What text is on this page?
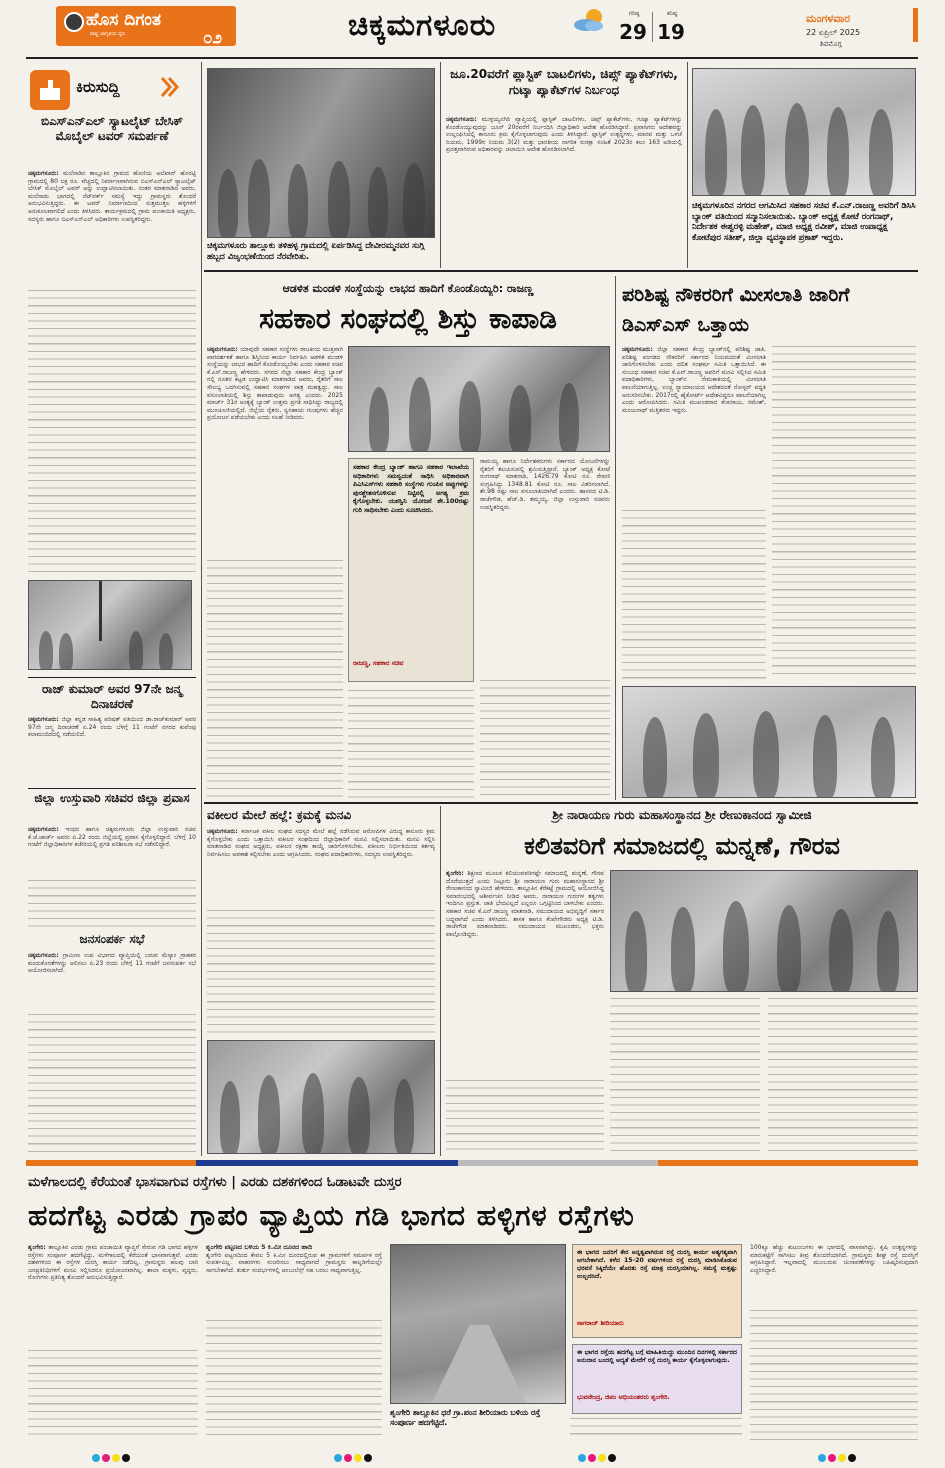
ಹೊಸ ದಿಗಂತ
ರಾಷ್ಟ್ರ ಜಾಗೃತಿಯ ಧ್ವನಿ	೦೨	ಚಿಕ್ಕಮಗಳೂರು	ಗರಿಷ್ಠ
29
ಕನಿಷ್ಠ
19
ಮಂಗಳವಾರ
22 ಏಪ್ರಿಲ್ 2025
ಶಿವಮೊಗ್ಗ
ಕಿರುಸುದ್ದಿ
ಬಿಎಸ್ಎನ್ಎಲ್ ಸ್ಯಾಟಲೈಟ್ ಬೇಸಿಕ್ ಮೊಬೈಲ್ ಟವರ್ ಸಮರ್ಪಣೆ
ಚಿಕ್ಕಮಗಳೂರು: ಮಲೆನಾಡಿನ ತಾಲ್ಲೂಕಿನ ಗ್ರಾಮದ ಹೊಣಿಯ ಅಲೆಖಾನ್ ಹೊರಟ್ಟಿ ಗ್ರಾಮದಲ್ಲಿ 80 ಲಕ್ಷ ರೂ. ವೆಚ್ಚದಲ್ಲಿ ನಿರ್ಮಾಣವಾಗಿರುವ ಬಿಎಸ್ಎನ್ಎಲ್ ಸ್ಯಾಟಲೈಟ್ ಬೇಸಿಕ್ ಮೊಬೈಲ್ ಟವರ್ ಅನ್ನು ಉದ್ಘಾಟಿಸಲಾಯಿತು. ನಂತರ ಮಾತನಾಡಿದ ಅವರು, ಮಲೆನಾಡು ಭಾಗದಲ್ಲಿ ನೆಟ್‌ವರ್ಕ್ ಸಮಸ್ಯೆ ಇದ್ದು ಗ್ರಾಮಸ್ಥರು ತೊಂದರೆ ಅನುಭವಿಸುತ್ತಿದ್ದರು. ಈ ಟವರ್ ನಿರ್ಮಾಣದಿಂದ ಸುತ್ತಮುತ್ತಲ ಹಳ್ಳಿಗಳಿಗೆ ಅನುಕೂಲವಾಗಲಿದೆ ಎಂದು ತಿಳಿಸಿದರು. ಕಾರ್ಯಕ್ರಮದಲ್ಲಿ ಗ್ರಾಮ ಪಂಚಾಯಿತಿ ಅಧ್ಯಕ್ಷರು, ಸದಸ್ಯರು ಹಾಗೂ ಬಿಎಸ್ಎನ್ಎಲ್ ಅಧಿಕಾರಿಗಳು ಉಪಸ್ಥಿತರಿದ್ದರು.
ರಾಜ್ ಕುಮಾರ್ ಅವರ 97ನೇ ಜನ್ಮ ದಿನಾಚರಣೆ
ಚಿಕ್ಕಮಗಳೂರು: ಜಿಲ್ಲಾ ಕನ್ನಡ ಸಾಹಿತ್ಯ ಪರಿಷತ್ ವತಿಯಿಂದ ಡಾ.ರಾಜ್‌ಕುಮಾರ್ ಅವರ 97ನೇ ಜನ್ಮ ದಿನಾಚರಣೆ ಏ.24 ರಂದು ಬೆಳಿಗ್ಗೆ 11 ಗಂಟೆಗೆ ನಗರದ ಕುವೆಂಪು ಕಲಾಮಂದಿರದಲ್ಲಿ ನಡೆಯಲಿದೆ.
ಜಿಲ್ಲಾ ಉಸ್ತುವಾರಿ ಸಚಿವರ ಜಿಲ್ಲಾ ಪ್ರವಾಸ
ಚಿಕ್ಕಮಗಳೂರು: ಇಂಧನ ಹಾಗೂ ಚಿಕ್ಕಮಗಳೂರು ಜಿಲ್ಲಾ ಉಸ್ತುವಾರಿ ಸಚಿವ ಕೆ.ಜೆ.ಜಾರ್ಜ್ ಅವರು ಏ.22 ರಂದು ಜಿಲ್ಲೆಯಲ್ಲಿ ಪ್ರವಾಸ ಕೈಗೊಳ್ಳಲಿದ್ದಾರೆ. ಬೆಳಿಗ್ಗೆ 10 ಗಂಟೆಗೆ ಜಿಲ್ಲಾಧಿಕಾರಿಗಳ ಕಚೇರಿಯಲ್ಲಿ ಪ್ರಗತಿ ಪರಿಶೀಲನಾ ಸಭೆ ನಡೆಸಲಿದ್ದಾರೆ.
ಜನಸಂಪರ್ಕ ಸಭೆ
ಚಿಕ್ಕಮಗಳೂರು: ಗ್ರಾಮೀಣ ಉಪ ವಿಭಾಗದ ವ್ಯಾಪ್ತಿಯಲ್ಲಿ ಬರುವ ಮೆಸ್ಕಾಂ ಗ್ರಾಹಕರ ಕುಂದುಕೊರತೆಗಳನ್ನು ಆಲಿಸಲು ಏ.23 ರಂದು ಬೆಳಿಗ್ಗೆ 11 ಗಂಟೆಗೆ ಜನಸಂಪರ್ಕ ಸಭೆ ಆಯೋಜಿಸಲಾಗಿದೆ.
ಚಿಕ್ಕಮಗಳೂರು ತಾಲ್ಲೂಕು ತಳಿಹಳ್ಳ ಗ್ರಾಮದಲ್ಲಿ ಏರ್ಪಡಿಸಿದ್ದ ದೇವೀರಮ್ಮನವರ ಸುಗ್ಗಿ ಹಬ್ಬದ ವಿಜೃಂಭಣೆಯಿಂದ ನೆರವೇರಿತು.
ಜೂ.20ವರೆಗೆ ಪ್ಲಾಸ್ಟಿಕ್ ಬಾಟಲಿಗಳು, ಚಿಪ್ಸ್ ಪ್ಯಾಕೆಟ್‌ಗಳು, ಗುಟ್ಕಾ ಪ್ಯಾಕೆಟ್‌ಗಳ ನಿರ್ಬಂಧ
ಚಿಕ್ಕಮಗಳೂರು: ಮುಳ್ಳಯ್ಯನಗಿರಿ ವ್ಯಾಪ್ತಿಯಲ್ಲಿ ಪ್ಲಾಸ್ಟಿಕ್ ಬಾಟಲಿಗಳು, ಚಿಪ್ಸ್ ಪ್ಯಾಕೆಟ್‌ಗಳು, ಗುಟ್ಕಾ ಪ್ಯಾಕೆಟ್‌ಗಳನ್ನು ಕೊಂಡೊಯ್ಯುವುದನ್ನು ಜೂನ್ 20ರವರೆಗೆ ನಿರ್ಬಂಧಿಸಿ ಜಿಲ್ಲಾಧಿಕಾರಿ ಆದೇಶ ಹೊರಡಿಸಿದ್ದಾರೆ. ಪ್ರವಾಸಿಗರು ಆದೇಶವನ್ನು ಉಲ್ಲಂಘಿಸಿದಲ್ಲಿ ಕಾನೂನು ಕ್ರಮ ಕೈಗೊಳ್ಳಲಾಗುವುದು ಎಂದು ತಿಳಿಸಿದ್ದಾರೆ. ಪ್ಲಾಸ್ಟಿಕ್ ಉತ್ಪನ್ನಗಳು, ಮಾನವ ಮತ್ತು ಒಳಚೆ ನಿಯಮ, 1999ರ ನಿಯಮ 3(2) ಮತ್ತು ಭಾರತೀಯ ನಾಗರಿಕ ಸುರಕ್ಷಾ ಸಂಹಿತೆ 2023ರ ಕಲಂ 163 ಅಡಿಯಲ್ಲಿ ಪ್ರದತ್ತವಾಗಿರುವ ಅಧಿಕಾರವನ್ನು ಚಲಾಯಿಸಿ ಆದೇಶ ಹೊರಡಿಸಲಾಗಿದೆ.
ಚಿಕ್ಕಮಗಳೂರಿನ ನಗರದ ಆಗಮಿಸಿದ ಸಹಕಾರ ಸಚಿವ ಕೆ.ಎನ್.ರಾಜಣ್ಣ ಅವರಿಗೆ ಡಿಸಿಸಿ ಬ್ಯಾಂಕ್ ವತಿಯಿಂದ ಸನ್ಮಾನಿಸಲಾಯಿತು. ಬ್ಯಾಂಕ್ ಅಧ್ಯಕ್ಷ ಕೋಟೆ ರಂಗನಾಥ್, ನಿರ್ದೇಶಕ ಈಶ್ವರಳ್ಳಿ ಮಹೇಶ್, ಮಾಜಿ ಅಧ್ಯಕ್ಷ ರವೀಶ್, ಮಾಜಿ ಉಪಾಧ್ಯಕ್ಷ ಕೋಟೆಪುರ ಸತೀಶ್, ಜಿಲ್ಲಾ ವ್ಯವಸ್ಥಾಪಕ ಪ್ರಕಾಶ್ ಇದ್ದರು.
ಆಡಳಿತ ಮಂಡಳಿ ಸಂಸ್ಥೆಯನ್ನು ಲಾಭದ ಹಾದಿಗೆ ಕೊಂಡೊಯ್ಯಿರಿ: ರಾಜಣ್ಣ
ಸಹಕಾರ ಸಂಘದಲ್ಲಿ ಶಿಸ್ತು ಕಾಪಾಡಿ
ಚಿಕ್ಕಮಗಳೂರು: ಯಾವುದೇ ಸಹಕಾರ ಸಂಸ್ಥೆಗಳು ರಾಜಕೀಯ ಮುಕ್ತವಾಗಿ ಪಾರದರ್ಶಕತೆ ಹಾಗೂ ಶಿಸ್ತಿನಿಂದ ಕಾರ್ಯ ನಿರ್ವಹಿಸಿ ಆಡಳಿತ ಮಂಡಳಿ ಸಂಸ್ಥೆಯನ್ನು ಲಾಭದ ಹಾದಿಗೆ ಕೊಂಡೊಯ್ಯಬೇಕು ಎಂದು ಸಹಕಾರ ಸಚಿವ ಕೆ.ಎನ್.ರಾಜಣ್ಣ ಹೇಳಿದರು. ನಗರದ ಜಿಲ್ಲಾ ಸಹಕಾರ ಕೇಂದ್ರ ಬ್ಯಾಂಕ್ ನಲ್ಲಿ ನೂತನ ಕಟ್ಟಡ ಉದ್ಘಾಟಿಸಿ ಮಾತನಾಡಿದ ಅವರು, ರೈತರಿಗೆ ಸಾಲ ಸೌಲಭ್ಯ ಒದಗಿಸುವಲ್ಲಿ ಸಹಕಾರ ಸಂಘಗಳ ಪಾತ್ರ ಮಹತ್ವದ್ದು. ಸಾಲ ವಸೂಲಾತಿಯಲ್ಲಿ ಶಿಸ್ತು ಕಾಪಾಡುವುದು ಅಗತ್ಯ ಎಂದರು. 2025 ಮಾರ್ಚ್ 31ರ ಅಂತ್ಯಕ್ಕೆ ಬ್ಯಾಂಕ್ ಉತ್ತಮ ಪ್ರಗತಿ ಸಾಧಿಸಿದ್ದು ರಾಜ್ಯದಲ್ಲಿ ಮುಂಚೂಣಿಯಲ್ಲಿದೆ. ಜಿಲ್ಲೆಯ ರೈತರು, ಸ್ವಸಹಾಯ ಗುಂಪುಗಳು ಹೆಚ್ಚಿನ ಪ್ರಯೋಜನ ಪಡೆಯಬೇಕು ಎಂದು ಸಲಹೆ ನೀಡಿದರು.
ಸಹಕಾರ ಕೇಂದ್ರ ಬ್ಯಾಂಕ್ ಹಾಗೂ ಸಹಕಾರ ಇಲಾಖೆಯ ಅಧಿಕಾರಿಗಳು ಸಮನ್ವಯತೆ ಸಾಧಿಸಿ ಅಧಿಕಾರವಾಗಿ ಪಿಎಸಿಎಸ್‌ಗಳು ಸಹಕಾರಿ ಸಂಸ್ಥೆಗಳು ಗುಂಪಿನ ಅಪ್ಪುಗಳನ್ನು ಪುನಶ್ಚೇತನಗೊಳಿಸುವ ನಿಟ್ಟಿನಲ್ಲಿ ಅಗತ್ಯ ಕ್ರಮ ಕೈಗೊಳ್ಳಬೇಕು. ಯಶಸ್ವಿನಿ ಯೋಜನೆ ಶೇ.100ರಷ್ಟು ಗುರಿ ಸಾಧಿಸಬೇಕು ಎಂದು ಸೂಚಿಸಿದರು.
ರಾಜಣ್ಣ, ಸಹಕಾರ ಸಚಿವ
ರಾಮಯ್ಯ ಹಾಗೂ ನಿರ್ದೇಶಕರುಗಳು ಸರ್ಕಾರದ ಯೋಜನೆಗಳನ್ನು ರೈತರಿಗೆ ತಲುಪಿಸುವಲ್ಲಿ ಶ್ರಮಿಸುತ್ತಿದ್ದಾರೆ. ಬ್ಯಾಂಕ್ ಅಧ್ಯಕ್ಷ ಕೋಟೆ ರಂಗನಾಥ್ ಮಾತನಾಡಿ, 1426.79 ಕೋಟಿ ರೂ. ಠೇವಣಿ ಸಂಗ್ರಹಿಸಿದ್ದು 1348.81 ಕೋಟಿ ರೂ. ಸಾಲ ವಿತರಿಸಲಾಗಿದೆ. ಶೇ.98 ರಷ್ಟು ಸಾಲ ವಸೂಲಾತಿಯಾಗಿದೆ ಎಂದರು. ಹಾಸನದ ಟಿ.ಡಿ. ರಾಜೇಗೌಡ, ಹೆಚ್.ಡಿ. ತಮ್ಮಯ್ಯ, ಜಿಲ್ಲಾ ಉಸ್ತುವಾರಿ ಸಚಿವರು ಉಪಸ್ಥಿತರಿದ್ದರು.
ಪರಿಶಿಷ್ಟ ನೌಕರರಿಗೆ ಮೀಸಲಾತಿ ಜಾರಿಗೆ ಡಿಎಸ್ಎಸ್ ಒತ್ತಾಯ
ಚಿಕ್ಕಮಗಳೂರು: ಜಿಲ್ಲಾ ಸಹಕಾರ ಕೇಂದ್ರ ಬ್ಯಾಂಕ್‌ನಲ್ಲಿ ಪರಿಶಿಷ್ಟ ಜಾತಿ, ಪರಿಶಿಷ್ಟ ಪಂಗಡದ ನೌಕರರಿಗೆ ಸರ್ಕಾರದ ನಿಯಮದಂತೆ ಮೀಸಲಾತಿ ಜಾರಿಗೊಳಿಸಬೇಕು ಎಂದು ದಲಿತ ಸಂಘರ್ಷ ಸಮಿತಿ ಒತ್ತಾಯಿಸಿದೆ. ಈ ಸಂಬಂಧ ಸಹಕಾರ ಸಚಿವ ಕೆ.ಎನ್.ರಾಜಣ್ಣ ಅವರಿಗೆ ಮನವಿ ಸಲ್ಲಿಸಿದ ಸಮಿತಿ ಪದಾಧಿಕಾರಿಗಳು, ಬ್ಯಾಂಕ್‌ನ ನೇಮಕಾತಿಯಲ್ಲಿ ಮೀಸಲಾತಿ ಪಾಲನೆಯಾಗುತ್ತಿಲ್ಲ. ಉಚ್ಚ ನ್ಯಾಯಾಲಯದ ಆದೇಶದಂತೆ ರೋಸ್ಟರ್ ಪದ್ಧತಿ ಅನುಸರಿಸಬೇಕು. 2017ರಲ್ಲಿ ಹೈಕೋರ್ಟ್ ಆದೇಶವಿದ್ದರೂ ಪಾಲನೆಯಾಗಿಲ್ಲ ಎಂದು ಆರೋಪಿಸಿದರು. ಸಮಿತಿ ಮುಖಂಡರಾದ ಕೆಂಪರಾಜು, ರಮೇಶ್, ಮಂಜುನಾಥ್ ಮತ್ತಿತರರು ಇದ್ದರು.
ವಕೀಲರ ಮೇಲೆ ಹಲ್ಲೆ: ಕ್ರಮಕ್ಕೆ ಮನವಿ
ಚಿಕ್ಕಮಗಳೂರು: ಕರ್ನಾಟಕ ವಕೀಲ ಸಂಘದ ಸದಸ್ಯರ ಮೇಲೆ ಹಲ್ಲೆ ನಡೆಸಿರುವ ಆರೋಪಿಗಳ ವಿರುದ್ಧ ಕಾನೂನು ಕ್ರಮ ಕೈಗೊಳ್ಳಬೇಕು ಎಂದು ಒತ್ತಾಯಿಸಿ ವಕೀಲರ ಸಂಘದಿಂದ ಜಿಲ್ಲಾಧಿಕಾರಿಗೆ ಮನವಿ ಸಲ್ಲಿಸಲಾಯಿತು. ಮನವಿ ಸಲ್ಲಿಸಿ ಮಾತನಾಡಿದ ಸಂಘದ ಅಧ್ಯಕ್ಷರು, ವಕೀಲರ ರಕ್ಷಣಾ ಕಾಯ್ದೆ ಜಾರಿಗೊಳಿಸಬೇಕು. ವಕೀಲರು ನಿರ್ಭೀತಿಯಿಂದ ಕರ್ತವ್ಯ ನಿರ್ವಹಿಸಲು ಅವಕಾಶ ಕಲ್ಪಿಸಬೇಕು ಎಂದು ಆಗ್ರಹಿಸಿದರು. ಸಂಘದ ಪದಾಧಿಕಾರಿಗಳು, ಸದಸ್ಯರು ಉಪಸ್ಥಿತರಿದ್ದರು.
ಶ್ರೀ ನಾರಾಯಣ ಗುರು ಮಹಾಸಂಸ್ಥಾನದ ಶ್ರೀ ರೇಣುಕಾನಂದ ಸ್ವಾಮೀಜಿ
ಕಲಿತವರಿಗೆ ಸಮಾಜದಲ್ಲಿ ಮನ್ನಣೆ, ಗೌರವ
ಶೃಂಗೇರಿ: ಶಿಕ್ಷಣದ ಮೂಲಕ ಕಲಿಯುವವರಿಗಷ್ಟೇ ಸಮಾಜದಲ್ಲಿ ಮನ್ನಣೆ, ಗೌರವ ದೊರೆಯುತ್ತದೆ ಎಂದು ನಿಟ್ಟೂರು ಶ್ರೀ ನಾರಾಯಣ ಗುರು ಮಹಾಸಂಸ್ಥಾನದ ಶ್ರೀ ರೇಣುಕಾನಂದ ಸ್ವಾಮೀಜಿ ಹೇಳಿದರು. ತಾಲ್ಲೂಕಿನ ಕೆರೆಕಟ್ಟೆ ಗ್ರಾಮದಲ್ಲಿ ಆಯೋಜಿಸಿದ್ದ ಸಮಾರಂಭದಲ್ಲಿ ಆಶೀರ್ವಚನ ನೀಡಿದ ಅವರು, ನಾರಾಯಣ ಗುರುಗಳ ತತ್ವಗಳು ಇಂದಿಗೂ ಪ್ರಸ್ತುತ. ಜಾತಿ ಭೇದವಿಲ್ಲದೆ ಎಲ್ಲರೂ ಒಗ್ಗಟ್ಟಿನಿಂದ ಬಾಳಬೇಕು ಎಂದರು. ಸಹಕಾರ ಸಚಿವ ಕೆ.ಎನ್.ರಾಜಣ್ಣ ಮಾತನಾಡಿ, ಸಮುದಾಯದ ಅಭಿವೃದ್ಧಿಗೆ ಸರ್ಕಾರ ಬದ್ಧವಾಗಿದೆ ಎಂದು ತಿಳಿಸಿದರು. ಶಾಸಕ ಹಾಗೂ ಕೆಂಪೇಗೌಡರು ಅಧ್ಯಕ್ಷ ಟಿ.ಡಿ. ರಾಜೇಗೌಡ ಮಾತನಾಡಿದರು. ಸಮುದಾಯದ ಮುಖಂಡರು, ಭಕ್ತರು ಪಾಲ್ಗೊಂಡಿದ್ದರು.
ಮಳೆಗಾಲದಲ್ಲಿ ಕೆರೆಯಂತೆ ಭಾಸವಾಗುವ ರಸ್ತೆಗಳು | ಎರಡು ದಶಕಗಳಿಂದ ಓಡಾಟವೇ ದುಸ್ತರ
ಹದಗೆಟ್ಟ ಎರಡು ಗ್ರಾಪಂ ವ್ಯಾಪ್ತಿಯ ಗಡಿ ಭಾಗದ ಹಳ್ಳಿಗಳ ರಸ್ತೆಗಳು
ಶೃಂಗೇರಿ: ತಾಲ್ಲೂಕಿನ ಎರಡು ಗ್ರಾಮ ಪಂಚಾಯಿತಿ ವ್ಯಾಪ್ತಿಗೆ ಸೇರುವ ಗಡಿ ಭಾಗದ ಹಳ್ಳಿಗಳ ರಸ್ತೆಗಳು ಸಂಪೂರ್ಣ ಹದಗೆಟ್ಟಿದ್ದು, ಮಳೆಗಾಲದಲ್ಲಿ ಕೆರೆಯಂತೆ ಭಾಸವಾಗುತ್ತವೆ. ಎರಡು ದಶಕಗಳಿಂದ ಈ ರಸ್ತೆಗಳ ದುರಸ್ತಿ ಕಾರ್ಯ ನಡೆದಿಲ್ಲ. ಗ್ರಾಮಸ್ಥರು ಹಲವು ಬಾರಿ ಜನಪ್ರತಿನಿಧಿಗಳಿಗೆ ಮನವಿ ಸಲ್ಲಿಸಿದರೂ ಪ್ರಯೋಜನವಾಗಿಲ್ಲ. ಶಾಲಾ ಮಕ್ಕಳು, ವೃದ್ಧರು, ರೋಗಿಗಳು ಪ್ರತಿನಿತ್ಯ ತೊಂದರೆ ಅನುಭವಿಸುತ್ತಿದ್ದಾರೆ.
ಶೃಂಗೇರಿ ಪಟ್ಟಣದ ಬಳಿಯ 5 ಕಿ.ಮೀ ದೂರದ ಹಾದಿ
ಶೃಂಗೇರಿ ಪಟ್ಟಣದಿಂದ ಕೇವಲ 5 ಕಿ.ಮೀ ದೂರದಲ್ಲಿರುವ ಈ ಗ್ರಾಮಗಳಿಗೆ ಸಮರ್ಪಕ ರಸ್ತೆ ಸಂಪರ್ಕವಿಲ್ಲ. ವಾಹನಗಳು ಸಂಚರಿಸಲು ಸಾಧ್ಯವಾಗದೆ ಗ್ರಾಮಸ್ಥರು ಕಾಲ್ನಡಿಗೆಯಲ್ಲೇ ಸಾಗಬೇಕಾಗಿದೆ. ತುರ್ತು ಸಂದರ್ಭಗಳಲ್ಲಿ ಆಂಬುಲೆನ್ಸ್ ಸಹ ಬರಲು ಸಾಧ್ಯವಾಗುತ್ತಿಲ್ಲ.
ಶೃಂಗೇರಿ ತಾಲ್ಲೂಕಿನ ಧರೆ ಗ್ರಾ.ಪಂನ ಶೀರಿಯಾರು ಬಳಿಯ ರಸ್ತೆ ಸಂಪೂರ್ಣ ಹದಗೆಟ್ಟಿದೆ.
ಈ ಭಾಗದ ಜನರಿಗೆ ಕೇರ ಅನ್ನತ್ವವಾಗಿರುವ ರಸ್ತೆ ದುರಸ್ತಿ ಕಾರ್ಯ ಅತ್ಯಗತ್ಯವಾಗಿ ಆಗಬೇಕಾಗಿದೆ. ಕಳೆದ 15-20 ವರ್ಷಗಳಿಂದ ರಸ್ತೆ ದುರಸ್ತಿ ಮಾಡಿಸಿಕೊಡುವ ಭರವಸೆ ಸಿಕ್ಕಿದೆಯೇ ಹೊರತು ರಸ್ತೆ ಮಾತ್ರ ದುರಸ್ತಿಯಾಗಿಲ್ಲ. ಸಮಸ್ಯೆ ಮತ್ತಷ್ಟು ಉಲ್ಬಣಿಸಿದೆ.
ನಾಗರಾಜ್ ಶೀರಿಯಾರು
ಈ ಭಾಗದ ರಸ್ತೆಯ ಹದಗೆಟ್ಟ ಬಗ್ಗೆ ಮಾಹಿತಿಯಿದ್ದು ಮುಂದಿನ ದಿನಗಳಲ್ಲಿ ಸರ್ಕಾರದ ಅನುದಾನ ಬಂದಲ್ಲಿ ಆದ್ಯತೆ ಮೇರೆಗೆ ರಸ್ತೆ ದುರಸ್ತಿ ಕಾರ್ಯ ಕೈಗೊಳ್ಳಲಾಗುವುದು.
ಭುವನೇಂದ್ರ, ಜಿಪಂ ಅಭಿಯಂತರರು ಶೃಂಗೇರಿ.
100ಕ್ಕೂ ಹೆಚ್ಚು ಕುಟುಂಬಗಳು ಈ ಭಾಗದಲ್ಲಿ ವಾಸವಾಗಿದ್ದು, ಕೃಷಿ ಉತ್ಪನ್ನಗಳನ್ನು ಮಾರುಕಟ್ಟೆಗೆ ಸಾಗಿಸಲು ತೀವ್ರ ತೊಂದರೆಯಾಗಿದೆ. ಗ್ರಾಮಸ್ಥರು ಶೀಘ್ರ ರಸ್ತೆ ದುರಸ್ತಿಗೆ ಆಗ್ರಹಿಸಿದ್ದಾರೆ. ಇಲ್ಲವಾದಲ್ಲಿ ಮುಂಬರುವ ಚುನಾವಣೆಗಳನ್ನು ಬಹಿಷ್ಕರಿಸುವುದಾಗಿ ಎಚ್ಚರಿಸಿದ್ದಾರೆ.
